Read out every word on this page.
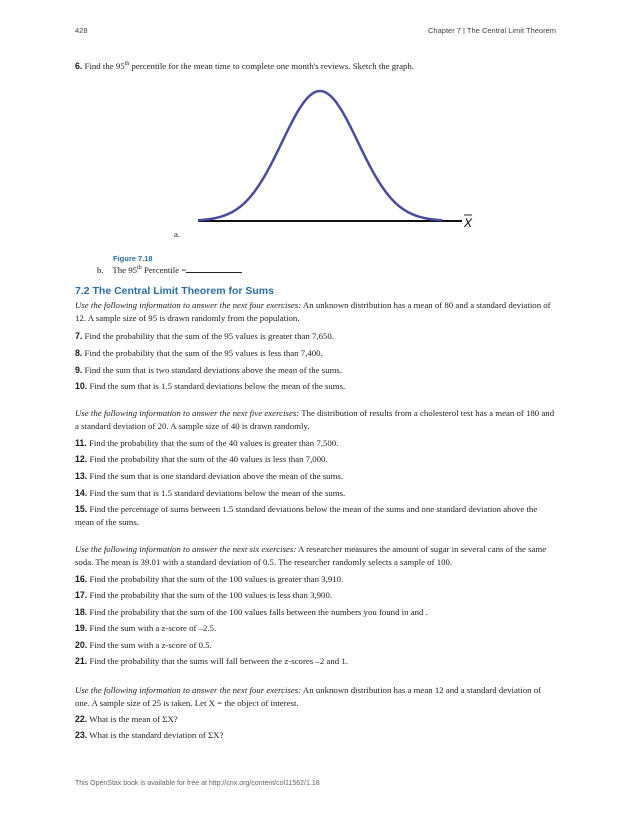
428	Chapter 7 | The Central Limit Theorem
6. Find the 95th percentile for the mean time to complete one month's reviews. Sketch the graph.
X
a.
Figure 7.18
b. The 95th Percentile =
7.2 The Central Limit Theorem for Sums
Use the following information to answer the next four exercises: An unknown distribution has a mean of 80 and a standard deviation of 12. A sample size of 95 is drawn randomly from the population.
7. Find the probability that the sum of the 95 values is greater than 7,650.
8. Find the probability that the sum of the 95 values is less than 7,400.
9. Find the sum that is two standard deviations above the mean of the sums.
10. Find the sum that is 1.5 standard deviations below the mean of the sums.
Use the following information to answer the next five exercises: The distribution of results from a cholesterol test has a mean of 180 and a standard deviation of 20. A sample size of 40 is drawn randomly.
11. Find the probability that the sum of the 40 values is greater than 7,500.
12. Find the probability that the sum of the 40 values is less than 7,000.
13. Find the sum that is one standard deviation above the mean of the sums.
14. Find the sum that is 1.5 standard deviations below the mean of the sums.
15. Find the percentage of sums between 1.5 standard deviations below the mean of the sums and one standard deviation above the mean of the sums.
Use the following information to answer the next six exercises: A researcher measures the amount of sugar in several cans of the same soda. The mean is 39.01 with a standard deviation of 0.5. The researcher randomly selects a sample of 100.
16. Find the probability that the sum of the 100 values is greater than 3,910.
17. Find the probability that the sum of the 100 values is less than 3,900.
18. Find the probability that the sum of the 100 values falls between the numbers you found in and .
19. Find the sum with a z-score of –2.5.
20. Find the sum with a z-score of 0.5.
21. Find the probability that the sums will fall between the z-scores –2 and 1.
Use the following information to answer the next four exercises: An unknown distribution has a mean 12 and a standard deviation of one. A sample size of 25 is taken. Let X = the object of interest.
22. What is the mean of ΣX?
23. What is the standard deviation of ΣX?
This OpenStax book is available for free at http://cnx.org/content/col11562/1.18
